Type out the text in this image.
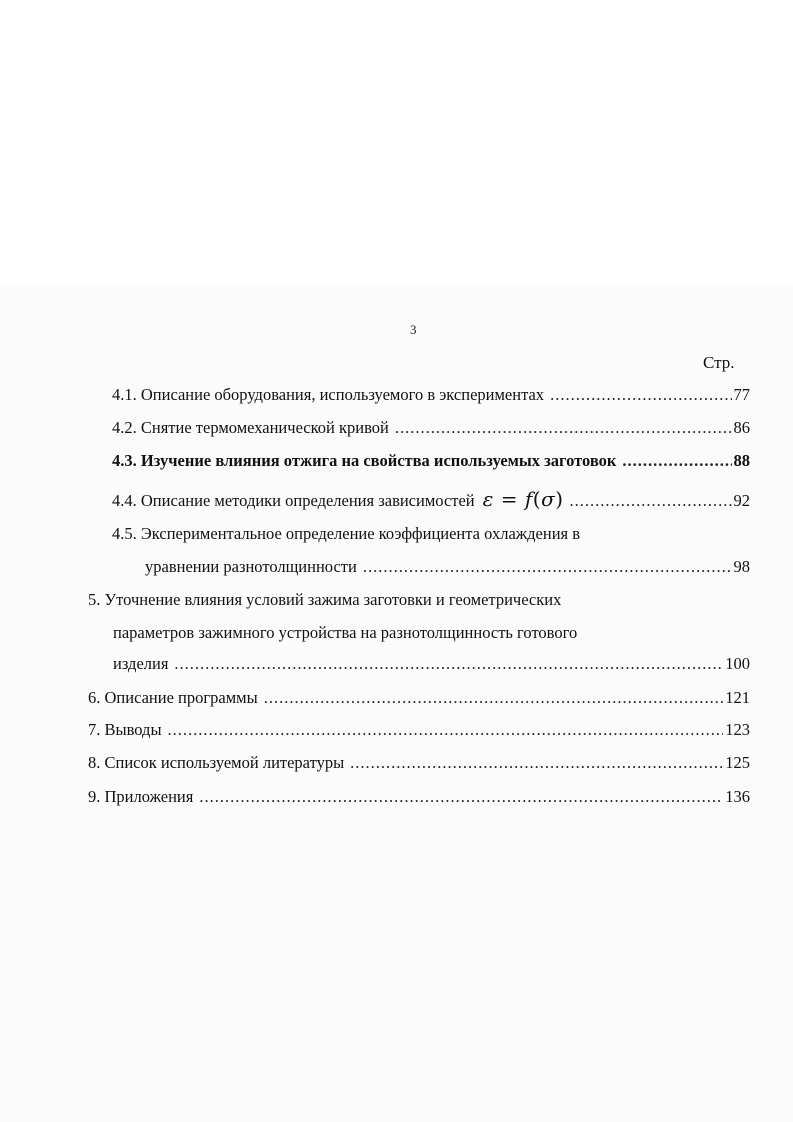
3
Стр.
4.1. Описание оборудования, используемого в экспериментах .....	77
4.2. Снятие термомеханической кривой .....	86
4.3. Изучение влияния отжига на свойства используемых заготовок .....	88
4.4. Описание методики определения зависимостей ε = f(σ) .....	92
4.5. Экспериментальное определение коэффициента охлаждения в
уравнении разнотолщинности .....	98
5. Уточнение влияния условий зажима заготовки и геометрических
параметров зажимного устройства на разнотолщинность готового
изделия .....	100
6. Описание программы .....	121
7. Выводы .....	123
8. Список используемой литературы .....	125
9. Приложения .....	136
